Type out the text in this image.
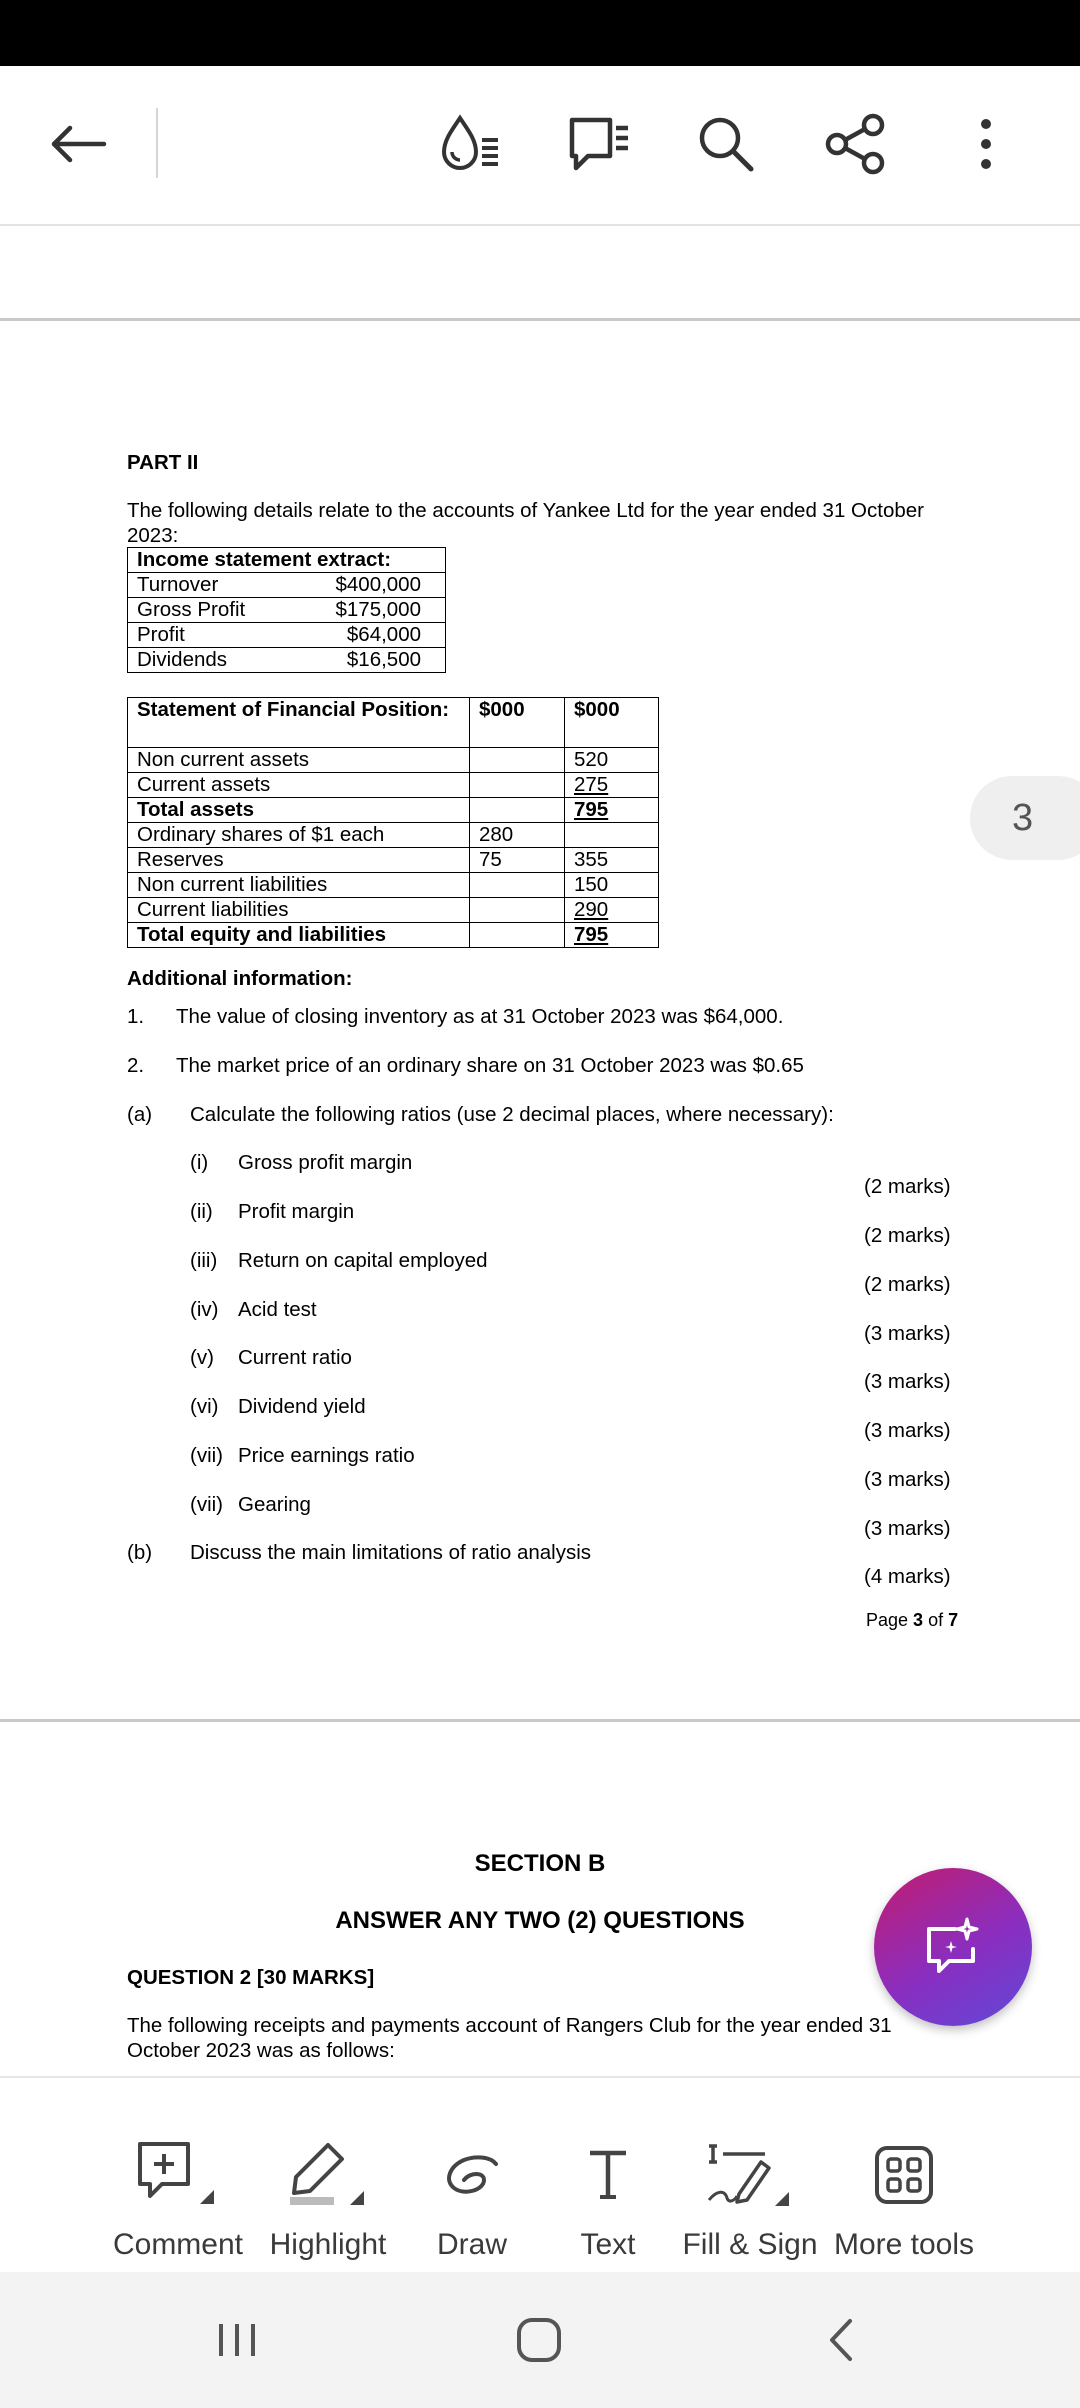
PART II
The following details relate to the accounts of Yankee Ltd for the year ended 31 October 2023:
Income statement extract:	
Turnover	$400,000
Gross Profit	$175,000
Profit	$64,000
Dividends	$16,500
Statement of Financial Position:	$000	$000
Non current assets		520
Current assets		275
Total assets		795
Ordinary shares of $1 each	280	
Reserves	75	355
Non current liabilities		150
Current liabilities		290
Total equity and liabilities		795
Additional information:
1. The value of closing inventory as at 31 October 2023 was $64,000.
2. The market price of an ordinary share on 31 October 2023 was $0.65
(a) Calculate the following ratios (use 2 decimal places, where necessary):
(i) Gross profit margin
(ii) Profit margin
(iii) Return on capital employed
(iv) Acid test
(v) Current ratio
(vi) Dividend yield
(vii) Price earnings ratio
(vii) Gearing
(b) Discuss the main limitations of ratio analysis
(2 marks)
(2 marks)
(2 marks)
(3 marks)
(3 marks)
(3 marks)
(3 marks)
(3 marks)
(4 marks)
Page 3 of 7
SECTION B
ANSWER ANY TWO (2) QUESTIONS
QUESTION 2 [30 MARKS]
The following receipts and payments account of Rangers Club for the year ended 31 October 2023 was as follows:
3
Comment Highlight Draw Text Fill & Sign More tools
